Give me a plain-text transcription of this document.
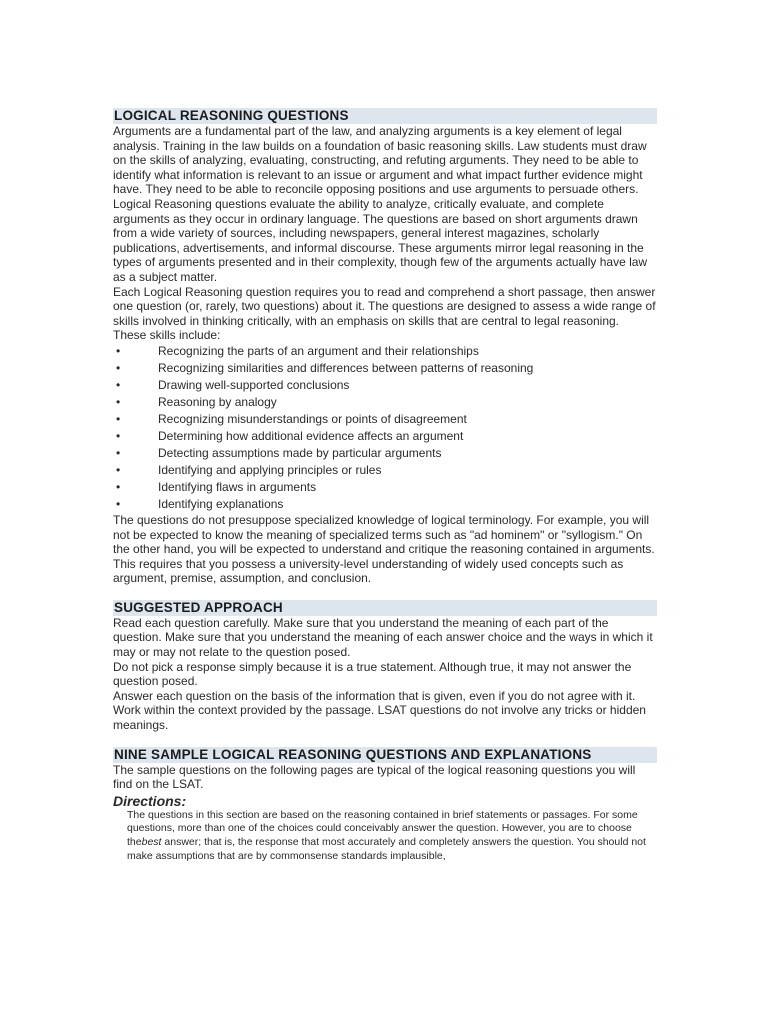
LOGICAL REASONING QUESTIONS

Arguments are a fundamental part of the law, and analyzing arguments is a key element of legal analysis. Training in the law builds on a foundation of basic reasoning skills. Law students must draw on the skills of analyzing, evaluating, constructing, and refuting arguments. They need to be able to identify what information is relevant to an issue or argument and what impact further evidence might have. They need to be able to reconcile opposing positions and use arguments to persuade others.

Logical Reasoning questions evaluate the ability to analyze, critically evaluate, and complete arguments as they occur in ordinary language. The questions are based on short arguments drawn from a wide variety of sources, including newspapers, general interest magazines, scholarly publications, advertisements, and informal discourse. These arguments mirror legal reasoning in the types of arguments presented and in their complexity, though few of the arguments actually have law as a subject matter.

Each Logical Reasoning question requires you to read and comprehend a short passage, then answer one question (or, rarely, two questions) about it. The questions are designed to assess a wide range of skills involved in thinking critically, with an emphasis on skills that are central to legal reasoning.

These skills include:

•	Recognizing the parts of an argument and their relationships
•	Recognizing similarities and differences between patterns of reasoning
•	Drawing well-supported conclusions
•	Reasoning by analogy
•	Recognizing misunderstandings or points of disagreement
•	Determining how additional evidence affects an argument
•	Detecting assumptions made by particular arguments
•	Identifying and applying principles or rules
•	Identifying flaws in arguments
•	Identifying explanations

The questions do not presuppose specialized knowledge of logical terminology. For example, you will not be expected to know the meaning of specialized terms such as "ad hominem" or "syllogism." On the other hand, you will be expected to understand and critique the reasoning contained in arguments. This requires that you possess a university-level understanding of widely used concepts such as argument, premise, assumption, and conclusion.

SUGGESTED APPROACH

Read each question carefully. Make sure that you understand the meaning of each part of the question. Make sure that you understand the meaning of each answer choice and the ways in which it may or may not relate to the question posed.

Do not pick a response simply because it is a true statement. Although true, it may not answer the question posed.

Answer each question on the basis of the information that is given, even if you do not agree with it. Work within the context provided by the passage. LSAT questions do not involve any tricks or hidden meanings.

NINE SAMPLE LOGICAL REASONING QUESTIONS AND EXPLANATIONS

The sample questions on the following pages are typical of the logical reasoning questions you will find on the LSAT.

Directions:
The questions in this section are based on the reasoning contained in brief statements or passages. For some questions, more than one of the choices could conceivably answer the question. However, you are to choose thebest answer; that is, the response that most accurately and completely answers the question. You should not make assumptions that are by commonsense standards implausible,
